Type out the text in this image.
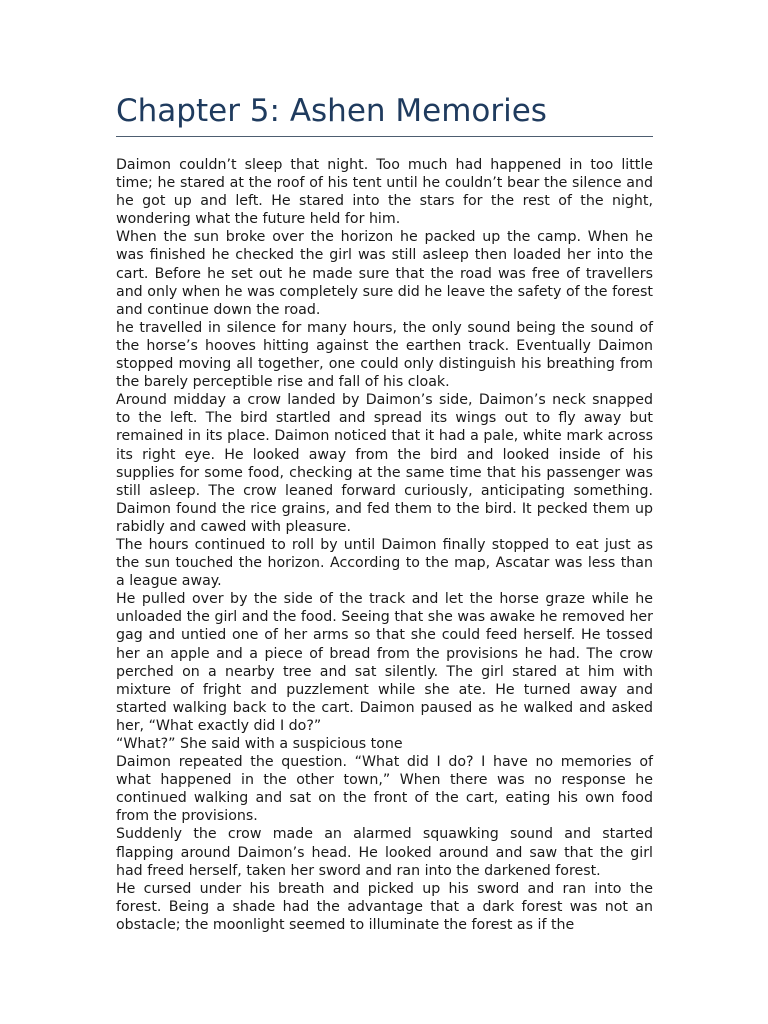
Chapter 5: Ashen Memories

Daimon couldn’t sleep that night. Too much had happened in too little time; he stared at the roof of his tent until he couldn’t bear the silence and he got up and left. He stared into the stars for the rest of the night, wondering what the future held for him.

When the sun broke over the horizon he packed up the camp. When he was finished he checked the girl was still asleep then loaded her into the cart. Before he set out he made sure that the road was free of travellers and only when he was completely sure did he leave the safety of the forest and continue down the road.

he travelled in silence for many hours, the only sound being the sound of the horse’s hooves hitting against the earthen track. Eventually Daimon stopped moving all together, one could only distinguish his breathing from the barely perceptible rise and fall of his cloak.

Around midday a crow landed by Daimon’s side, Daimon’s neck snapped to the left. The bird startled and spread its wings out to fly away but remained in its place. Daimon noticed that it had a pale, white mark across its right eye. He looked away from the bird and looked inside of his supplies for some food, checking at the same time that his passenger was still asleep. The crow leaned forward curiously, anticipating something. Daimon found the rice grains, and fed them to the bird. It pecked them up rabidly and cawed with pleasure.

The hours continued to roll by until Daimon finally stopped to eat just as the sun touched the horizon. According to the map, Ascatar was less than a league away.

He pulled over by the side of the track and let the horse graze while he unloaded the girl and the food. Seeing that she was awake he removed her gag and untied one of her arms so that she could feed herself. He tossed her an apple and a piece of bread from the provisions he had. The crow perched on a nearby tree and sat silently. The girl stared at him with mixture of fright and puzzlement while she ate. He turned away and started walking back to the cart. Daimon paused as he walked and asked her, “What exactly did I do?”

“What?” She said with a suspicious tone

Daimon repeated the question. “What did I do? I have no memories of what happened in the other town,” When there was no response he continued walking and sat on the front of the cart, eating his own food from the provisions.

Suddenly the crow made an alarmed squawking sound and started flapping around Daimon’s head. He looked around and saw that the girl had freed herself, taken her sword and ran into the darkened forest.

He cursed under his breath and picked up his sword and ran into the forest. Being a shade had the advantage that a dark forest was not an obstacle; the moonlight seemed to illuminate the forest as if the
